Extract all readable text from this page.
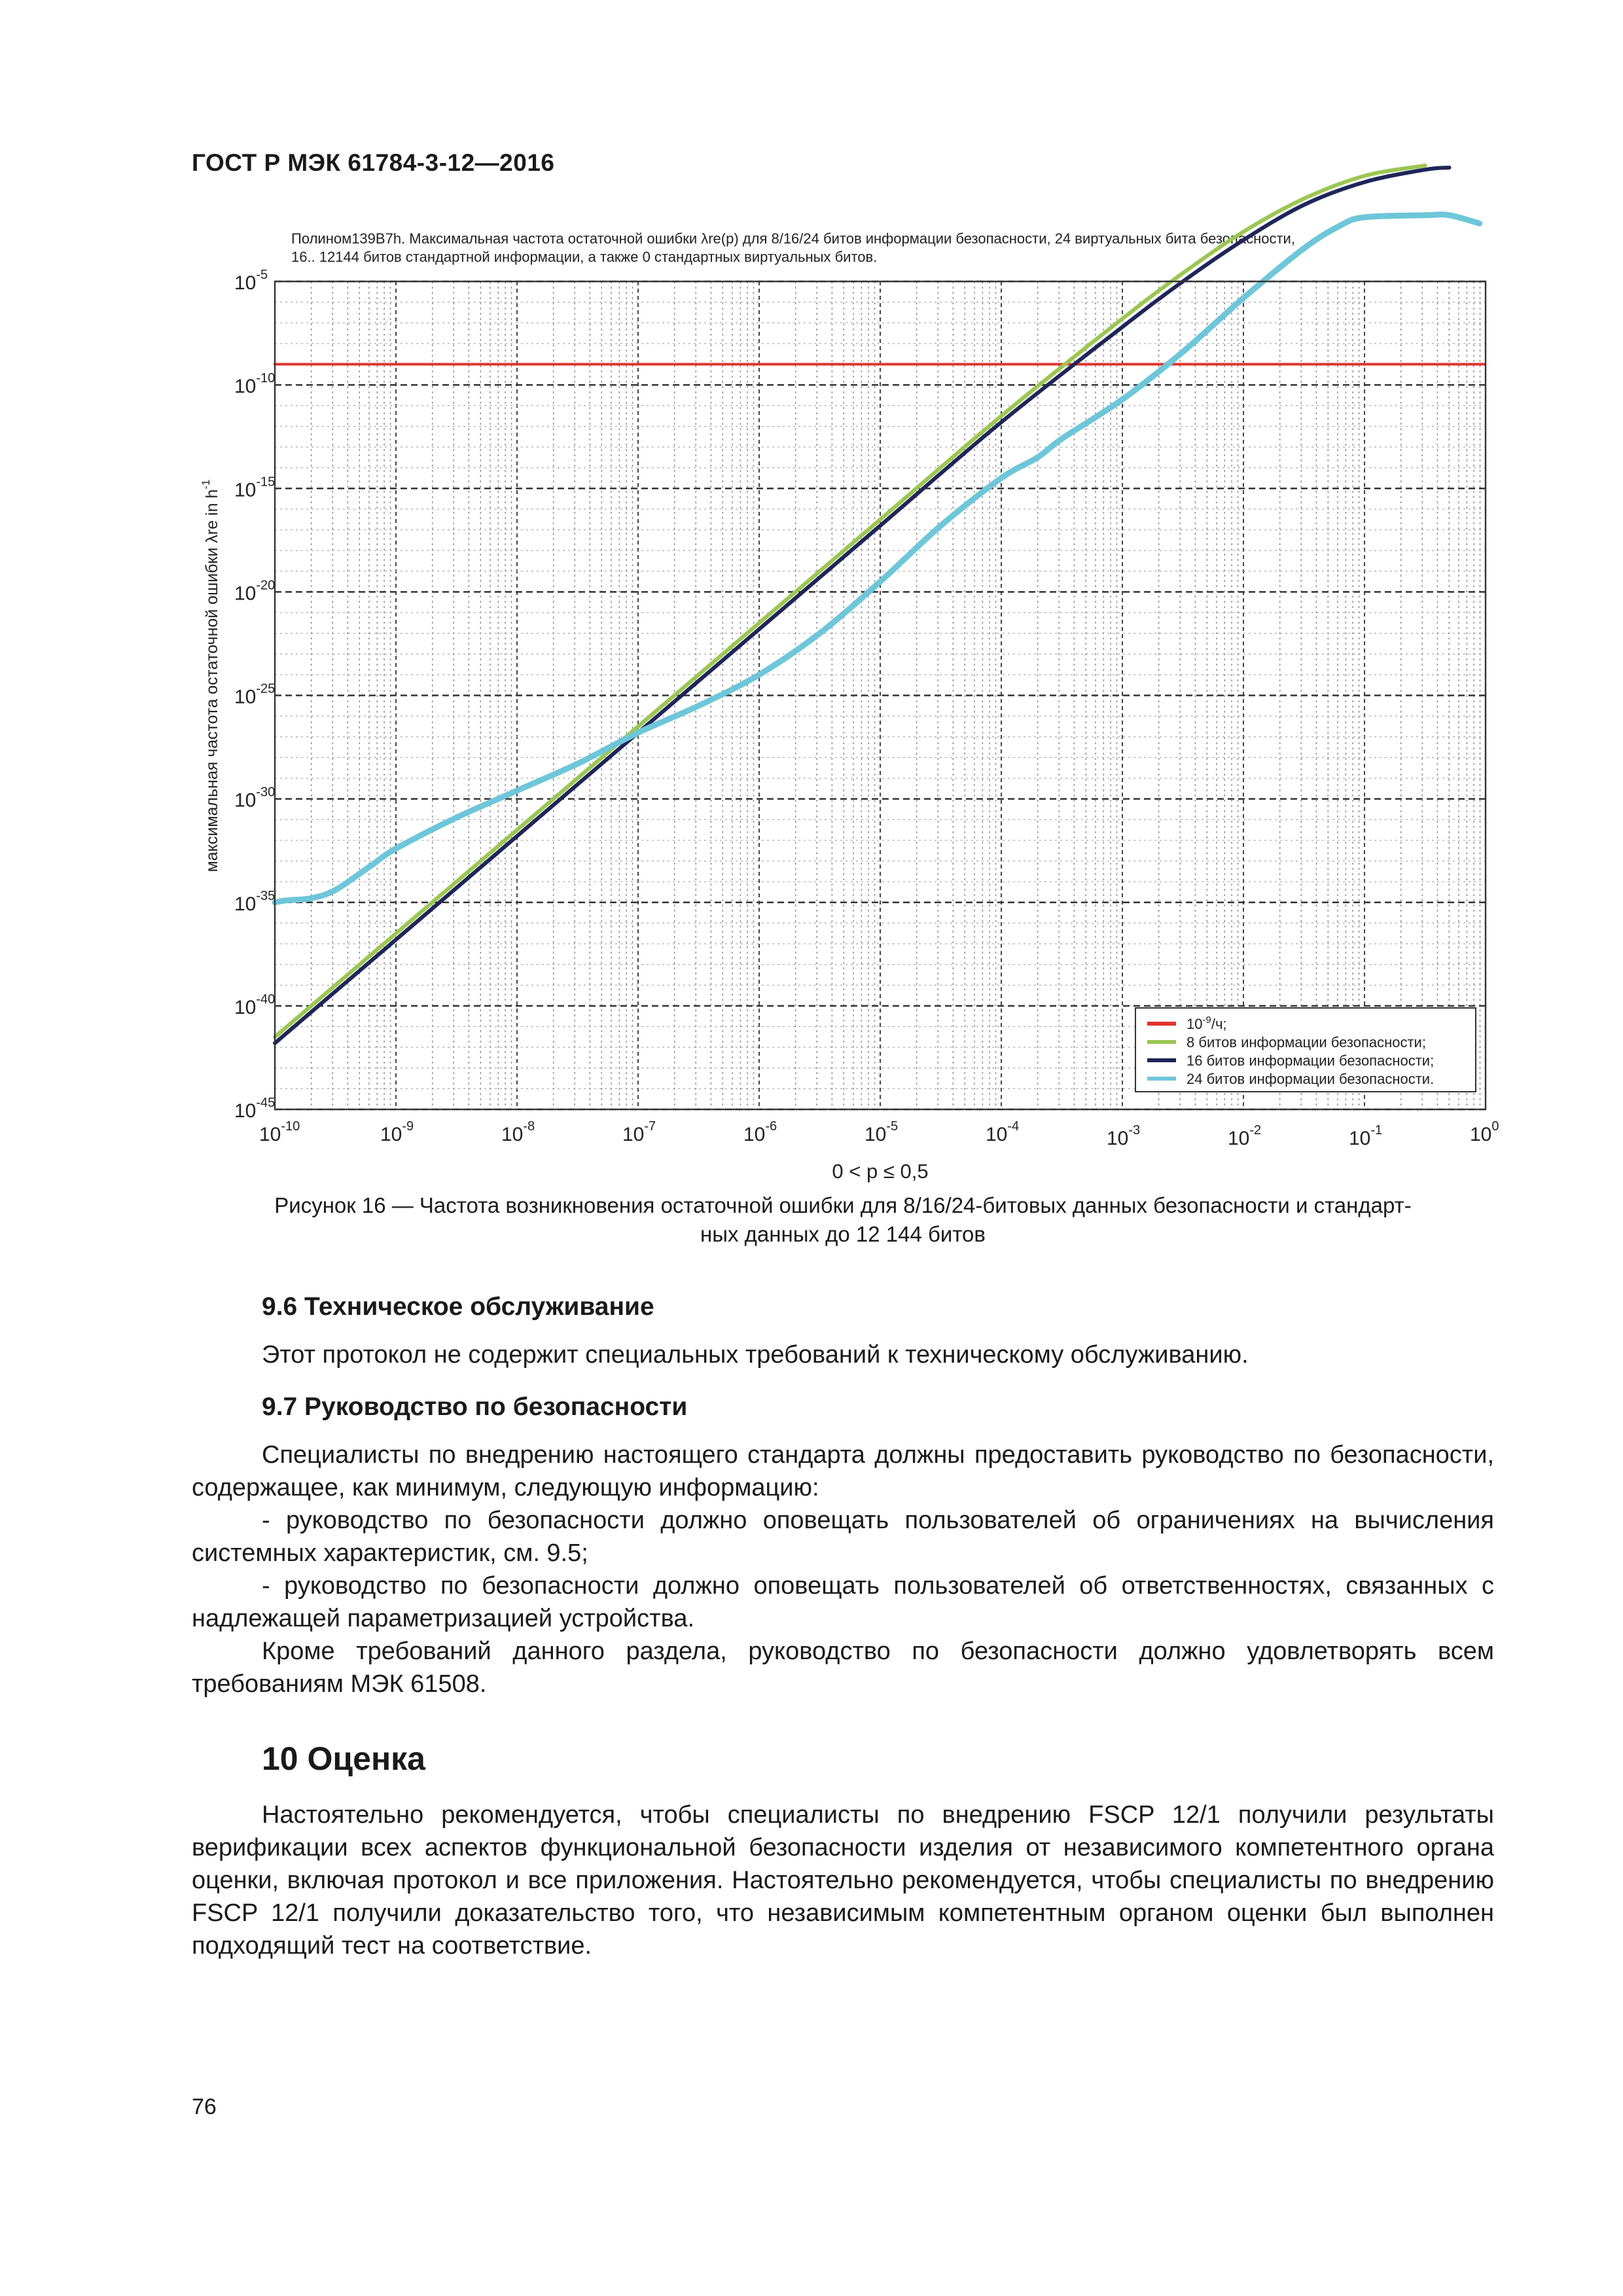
ГОСТ Р МЭК 61784-3-12—2016
Полином139B7h. Максимальная частота остаточной ошибки λre(p) для 8/16/24 битов информации безопасности, 24 виртуальных бита безопасности,
16.. 12144 битов стандартной информации, а также 0 стандартных виртуальных битов.
$10^{-5}$
$10^{-10}$
$10^{-15}$
$10^{-20}$
$10^{-25}$
$10^{-30}$
$10^{-35}$
$10^{-40}$
$10^{-45}$
$10^{-10}$	$10^{-9}$	$10^{-8}$	$10^{-7}$	$10^{-6}$	$10^{-5}$	$10^{-4}$
$10^{-3}$	$10^{-2}$	$10^{-1}$	$10^0$
0 < p ≤ 0,5
максимальная частота остаточной ошибки λre in $h^{-1}$
$10^{-9}/ч$;
8 битов информации безопасности;
16 битов информации безопасности;
24 битов информации безопасности.
Рисунок 16 — Частота возникновения остаточной ошибки для 8/16/24-битовых данных безопасности и стандарт-
ных данных до 12 144 битов
9.6 Техническое обслуживание
Этот протокол не содержит специальных требований к техническому обслуживанию.
9.7 Руководство по безопасности
Специалисты по внедрению настоящего стандарта должны предоставить руководство по безопасности, содержащее, как минимум, следующую информацию:
- руководство по безопасности должно оповещать пользователей об ограничениях на вычисления системных характеристик, см. 9.5;
- руководство по безопасности должно оповещать пользователей об ответственностях, связанных с надлежащей параметризацией устройства.
Кроме требований данного раздела, руководство по безопасности должно удовлетворять всем требованиям МЭК 61508.
10 Оценка
Настоятельно рекомендуется, чтобы специалисты по внедрению FSCP 12/1 получили результаты верификации всех аспектов функциональной безопасности изделия от независимого компетентного органа оценки, включая протокол и все приложения. Настоятельно рекомендуется, чтобы специалисты по внедрению FSCP 12/1 получили доказательство того, что независимым компетентным органом оценки был выполнен подходящий тест на соответствие.
76
